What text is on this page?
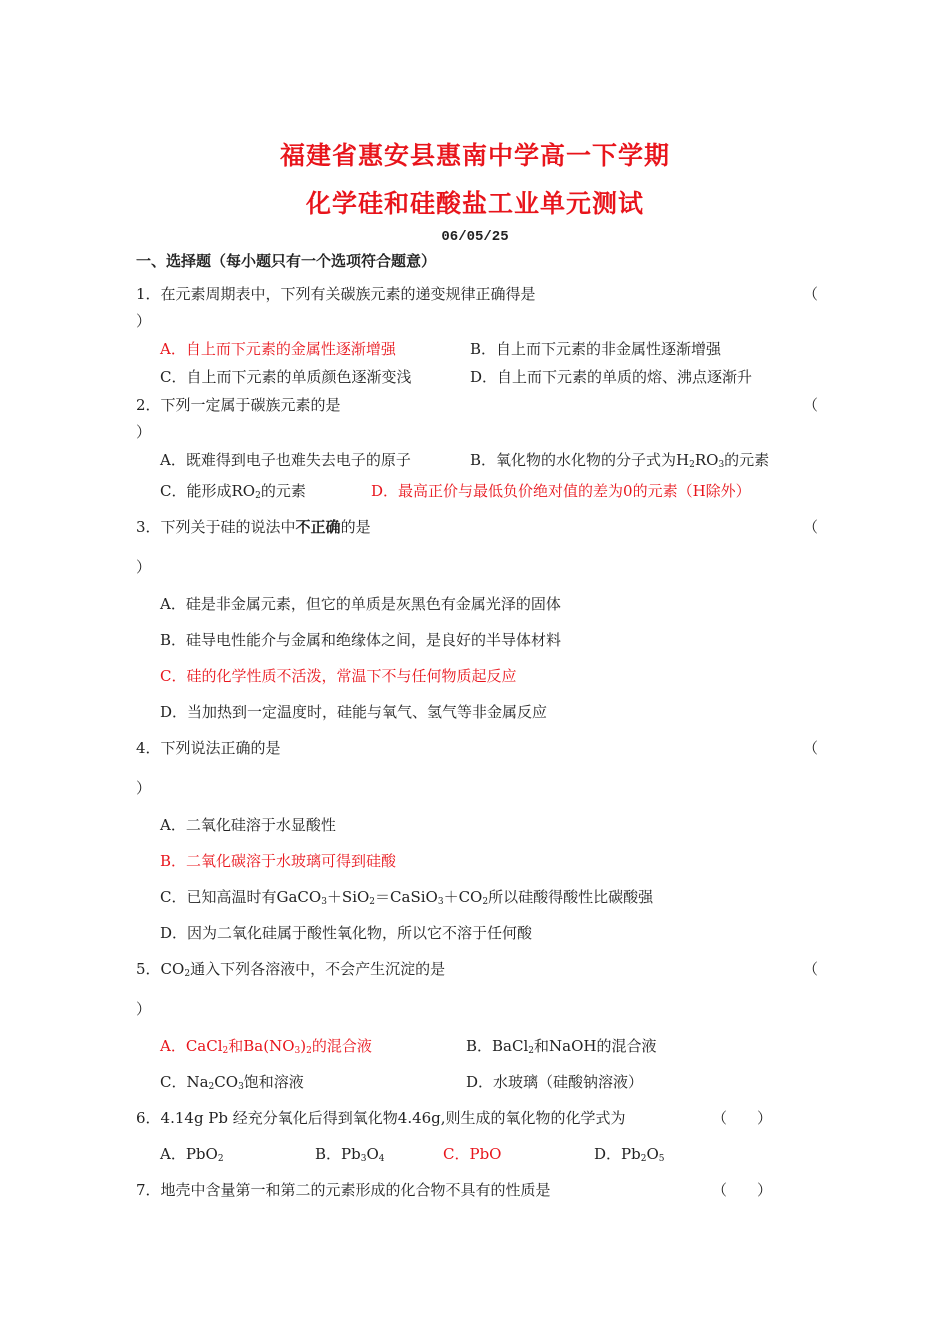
福建省惠安县惠南中学高一下学期
化学硅和硅酸盐工业单元测试
06/05/25
一、选择题（每小题只有一个选项符合题意）
1．在元素周期表中，下列有关碳族元素的递变规律正确得是	（
）
A．自上而下元素的金属性逐渐增强	B．自上而下元素的非金属性逐渐增强
C．自上而下元素的单质颜色逐渐变浅	D．自上而下元素的单质的熔、沸点逐渐升
2．下列一定属于碳族元素的是	（
）
A．既难得到电子也难失去电子的原子	B．氧化物的水化物的分子式为$H_2RO_3$的元素
C．能形成$RO_2$的元素	D．最高正价与最低负价绝对值的差为0的元素（H除外）
3．下列关于硅的说法中不正确的是	（
）
A．硅是非金属元素，但它的单质是灰黑色有金属光泽的固体
B．硅导电性能介与金属和绝缘体之间，是良好的半导体材料
C．硅的化学性质不活泼，常温下不与任何物质起反应
D．当加热到一定温度时，硅能与氧气、氢气等非金属反应
4．下列说法正确的是	（
）
A．二氧化硅溶于水显酸性
B．二氧化碳溶于水玻璃可得到硅酸
C．已知高温时有$GaCO_3+SiO_2=CaSiO_3+CO_2$所以硅酸得酸性比碳酸强
D．因为二氧化硅属于酸性氧化物，所以它不溶于任何酸
5．$CO_2$通入下列各溶液中，不会产生沉淀的是	（
）
A．CaCl$_2$和$Ba(NO_3)_2$的混合液	B．BaCl$_2$和NaOH的混合液
C．$Na_2CO_3$饱和溶液	D．水玻璃（硅酸钠溶液）
6．4.14g Pb 经充分氧化后得到氧化物4.46g,则生成的氧化物的化学式为	（　　）
A．PbO$_2$	B．$Pb_3O_4$	C．PbO	D．$Pb_2O_5$
7．地壳中含量第一和第二的元素形成的化合物不具有的性质是	（　　）
